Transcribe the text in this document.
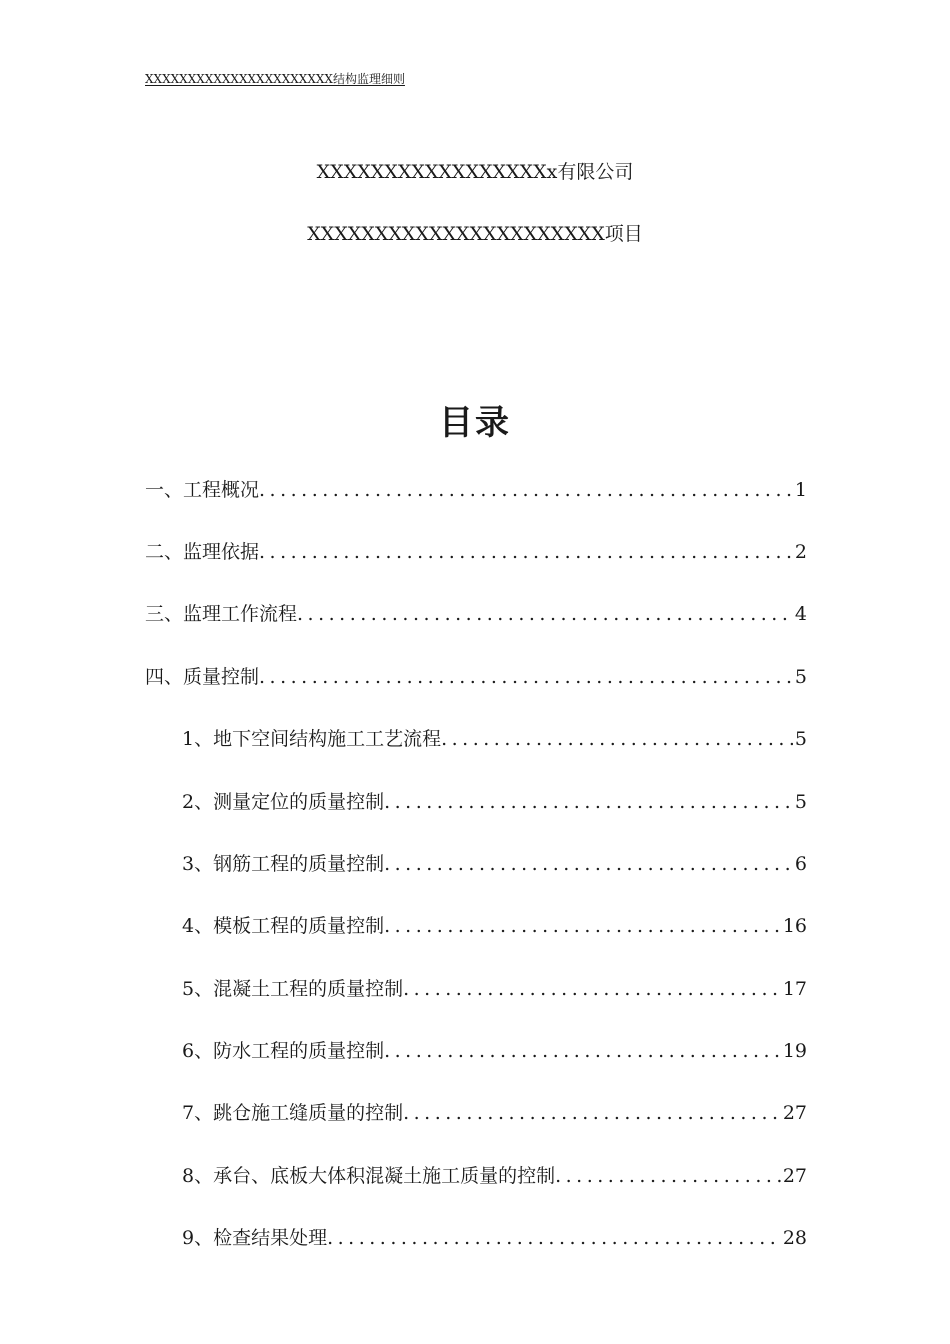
XXXXXXXXXXXXXXXXXXXXXX结构监理细则
XXXXXXXXXXXXXXXXXx有限公司
XXXXXXXXXXXXXXXXXXXXXX项目
目录
一、工程概况 .....	1
二、监理依据 .....	2
三、监理工作流程 .....	4
四、质量控制 .....	5
1、地下空间结构施工工艺流程 .....	5
2、测量定位的质量控制 .....	5
3、钢筋工程的质量控制 .....	6
4、模板工程的质量控制 .....	16
5、混凝土工程的质量控制 .....	17
6、防水工程的质量控制 .....	19
7、跳仓施工缝质量的控制 .....	27
8、承台、底板大体积混凝土施工质量的控制 .....	27
9、检查结果处理 .....	28
